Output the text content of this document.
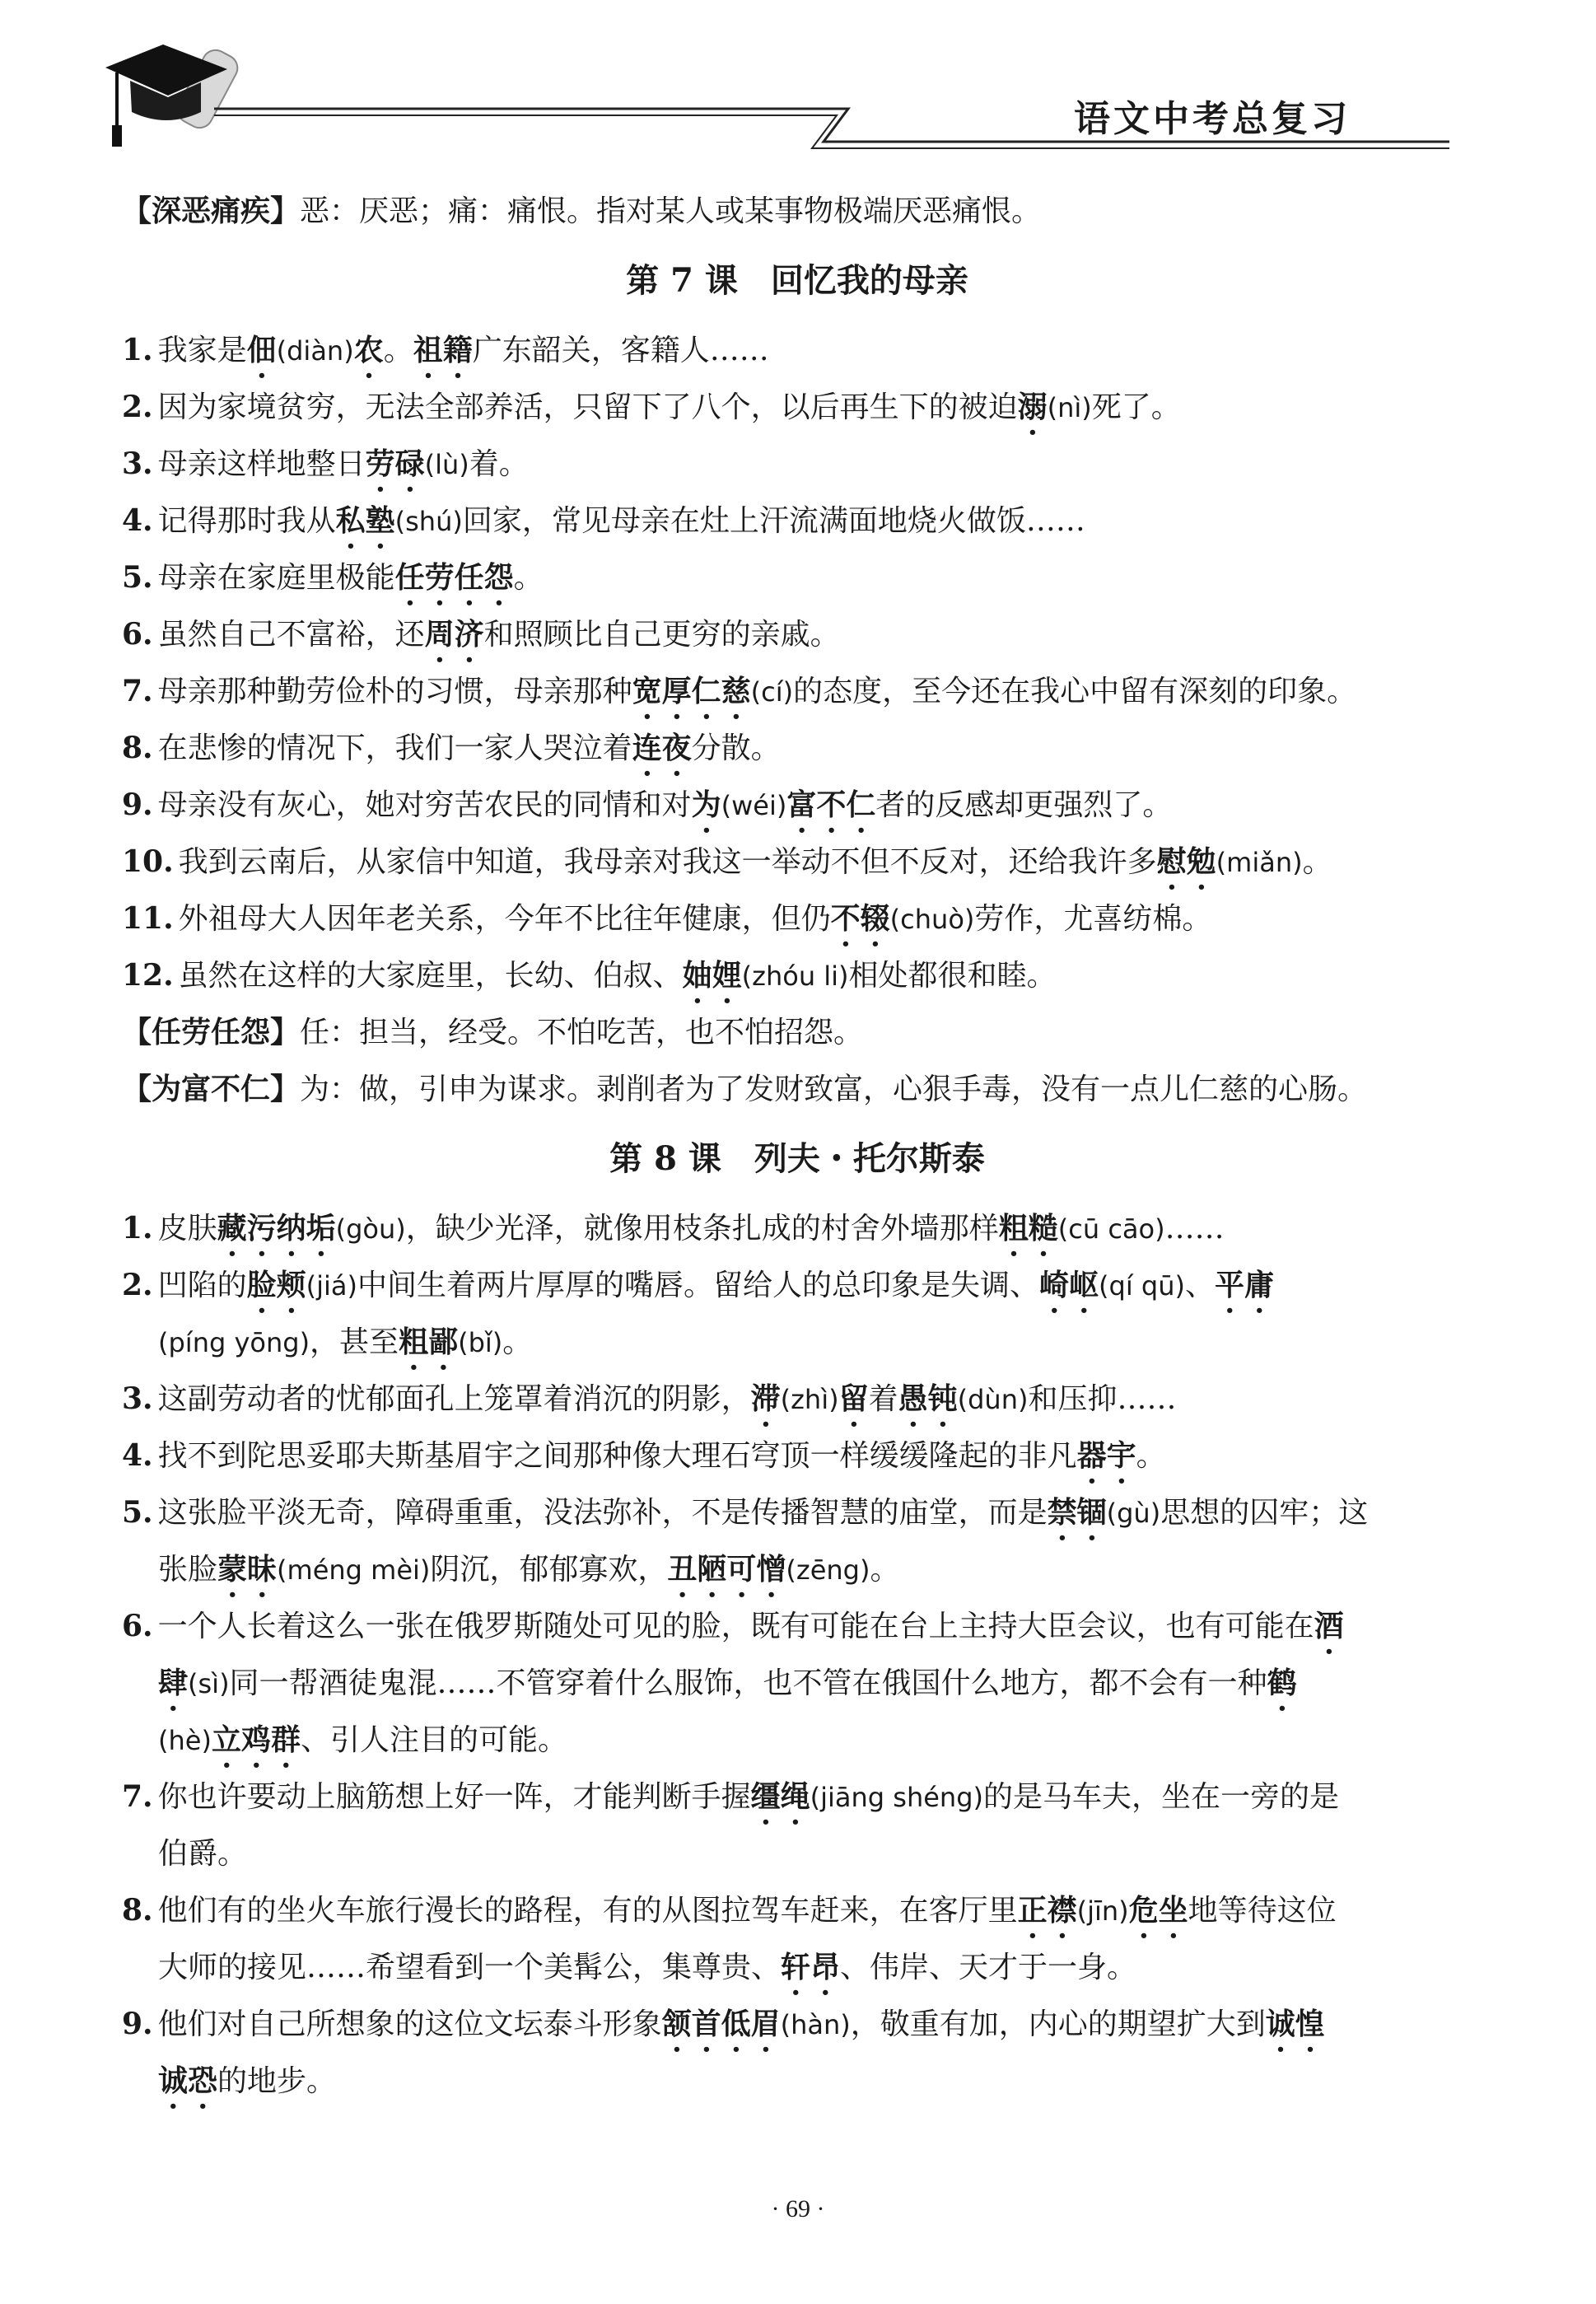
语文中考总复习
【深恶痛疾】恶：厌恶；痛：痛恨。指对某人或某事物极端厌恶痛恨。
第 7 课　回忆我的母亲
1. 我家是佃(diàn)农。祖籍广东韶关，客籍人……
2. 因为家境贫穷，无法全部养活，只留下了八个，以后再生下的被迫溺(nì)死了。
3. 母亲这样地整日劳碌(lù)着。
4. 记得那时我从私塾(shú)回家，常见母亲在灶上汗流满面地烧火做饭……
5. 母亲在家庭里极能任劳任怨。
6. 虽然自己不富裕，还周济和照顾比自己更穷的亲戚。
7. 母亲那种勤劳俭朴的习惯，母亲那种宽厚仁慈(cí)的态度，至今还在我心中留有深刻的印象。
8. 在悲惨的情况下，我们一家人哭泣着连夜分散。
9. 母亲没有灰心，她对穷苦农民的同情和对为(wéi)富不仁者的反感却更强烈了。
10. 我到云南后，从家信中知道，我母亲对我这一举动不但不反对，还给我许多慰勉(miǎn)。
11. 外祖母大人因年老关系，今年不比往年健康，但仍不辍(chuò)劳作，尤喜纺棉。
12. 虽然在这样的大家庭里，长幼、伯叔、妯娌(zhóu li)相处都很和睦。
【任劳任怨】任：担当，经受。不怕吃苦，也不怕招怨。
【为富不仁】为：做，引申为谋求。剥削者为了发财致富，心狠手毒，没有一点儿仁慈的心肠。
第 8 课　列夫・托尔斯泰
1. 皮肤藏污纳垢(gòu)，缺少光泽，就像用枝条扎成的村舍外墙那样粗糙(cū cāo)……
2. 凹陷的脸颊(jiá)中间生着两片厚厚的嘴唇。留给人的总印象是失调、崎岖(qí qū)、平庸
(píng yōng)，甚至粗鄙(bǐ)。
3. 这副劳动者的忧郁面孔上笼罩着消沉的阴影，滞(zhì)留着愚钝(dùn)和压抑……
4. 找不到陀思妥耶夫斯基眉宇之间那种像大理石穹顶一样缓缓隆起的非凡器宇。
5. 这张脸平淡无奇，障碍重重，没法弥补，不是传播智慧的庙堂，而是禁锢(gù)思想的囚牢；这
张脸蒙昧(méng mèi)阴沉，郁郁寡欢，丑陋可憎(zēng)。
6. 一个人长着这么一张在俄罗斯随处可见的脸，既有可能在台上主持大臣会议，也有可能在酒
肆(sì)同一帮酒徒鬼混……不管穿着什么服饰，也不管在俄国什么地方，都不会有一种鹤
(hè)立鸡群、引人注目的可能。
7. 你也许要动上脑筋想上好一阵，才能判断手握缰绳(jiāng shéng)的是马车夫，坐在一旁的是
伯爵。
8. 他们有的坐火车旅行漫长的路程，有的从图拉驾车赶来，在客厅里正襟(jīn)危坐地等待这位
大师的接见……希望看到一个美髯公，集尊贵、轩昂、伟岸、天才于一身。
9. 他们对自己所想象的这位文坛泰斗形象颔首低眉(hàn)，敬重有加，内心的期望扩大到诚惶
诚恐的地步。
· 69 ·
